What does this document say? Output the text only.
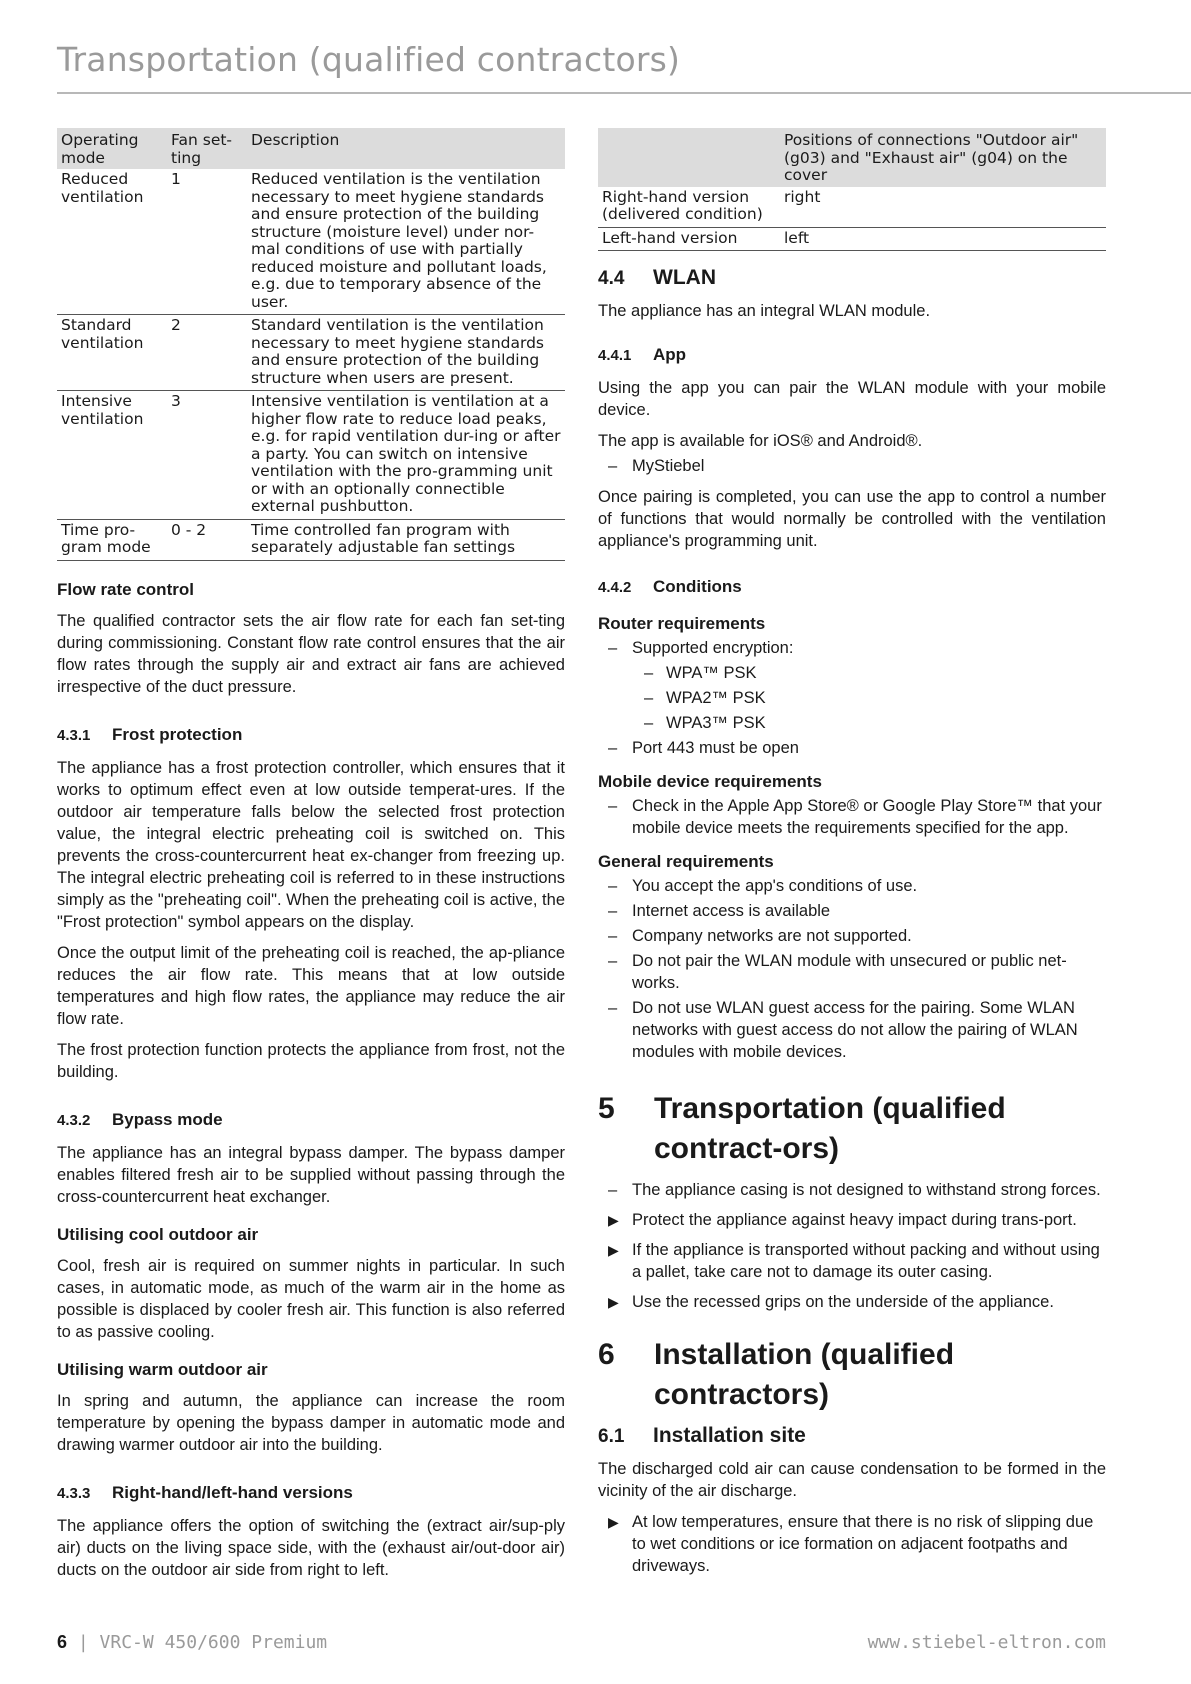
Transportation (qualified contractors)
Operating mode	Fan set-ting	Description
Reduced ventilation	1	Reduced ventilation is the ventilation necessary to meet hygiene standards and ensure protection of the building structure (moisture level) under nor-mal conditions of use with partially reduced moisture and pollutant loads, e.g. due to temporary absence of the user.
Standard ventilation	2	Standard ventilation is the ventilation necessary to meet hygiene standards and ensure protection of the building structure when users are present.
Intensive ventilation	3	Intensive ventilation is ventilation at a higher flow rate to reduce load peaks, e.g. for rapid ventilation dur-ing or after a party. You can switch on intensive ventilation with the pro-gramming unit or with an optionally connectible external pushbutton.
Time pro-gram mode	0 - 2	Time controlled fan program with separately adjustable fan settings
Flow rate control

The qualified contractor sets the air flow rate for each fan set-ting during commissioning. Constant flow rate control ensures that the air flow rates through the supply air and extract air fans are achieved irrespective of the duct pressure.

4.3.1 Frost protection

The appliance has a frost protection controller, which ensures that it works to optimum effect even at low outside temperat-ures. If the outdoor air temperature falls below the selected frost protection value, the integral electric preheating coil is switched on. This prevents the cross-countercurrent heat ex-changer from freezing up. The integral electric preheating coil is referred to in these instructions simply as the "preheating coil". When the preheating coil is active, the "Frost protection" symbol appears on the display.

Once the output limit of the preheating coil is reached, the ap-pliance reduces the air flow rate. This means that at low outside temperatures and high flow rates, the appliance may reduce the air flow rate.

The frost protection function protects the appliance from frost, not the building.

4.3.2 Bypass mode

The appliance has an integral bypass damper. The bypass damper enables filtered fresh air to be supplied without passing through the cross-countercurrent heat exchanger.

Utilising cool outdoor air

Cool, fresh air is required on summer nights in particular. In such cases, in automatic mode, as much of the warm air in the home as possible is displaced by cooler fresh air. This function is also referred to as passive cooling.

Utilising warm outdoor air

In spring and autumn, the appliance can increase the room temperature by opening the bypass damper in automatic mode and drawing warmer outdoor air into the building.

4.3.3 Right-hand/left-hand versions

The appliance offers the option of switching the (extract air/sup-ply air) ducts on the living space side, with the (exhaust air/out-door air) ducts on the outdoor air side from right to left.

	Positions of connections "Outdoor air" (g03) and "Exhaust air" (g04) on the cover
Right-hand version (delivered condition)	right
Left-hand version	left
4.4 WLAN

The appliance has an integral WLAN module.

4.4.1 App

Using the app you can pair the WLAN module with your mobile device.

The app is available for iOS® and Android®.

– MyStiebel

Once pairing is completed, you can use the app to control a number of functions that would normally be controlled with the ventilation appliance's programming unit.

4.4.2 Conditions
Router requirements
– Supported encryption:
– WPA™ PSK
– WPA2™ PSK
– WPA3™ PSK
– Port 443 must be open
Mobile device requirements
– Check in the Apple App Store® or Google Play Store™ that your mobile device meets the requirements specified for the app.
General requirements
– You accept the app's conditions of use.
– Internet access is available
– Company networks are not supported.
– Do not pair the WLAN module with unsecured or public net-works.
– Do not use WLAN guest access for the pairing. Some WLAN networks with guest access do not allow the pairing of WLAN modules with mobile devices.
5	Transportation (qualified contract-ors)
– The appliance casing is not designed to withstand strong forces.
▶ Protect the appliance against heavy impact during trans-port.
▶ If the appliance is transported without packing and without using a pallet, take care not to damage its outer casing.
▶ Use the recessed grips on the underside of the appliance.
6	Installation (qualified contractors)
6.1 Installation site

The discharged cold air can cause condensation to be formed in the vicinity of the air discharge.

▶ At low temperatures, ensure that there is no risk of slipping due to wet conditions or ice formation on adjacent footpaths and driveways.
6 | VRC-W 450/600 Premium	www.stiebel-eltron.com
